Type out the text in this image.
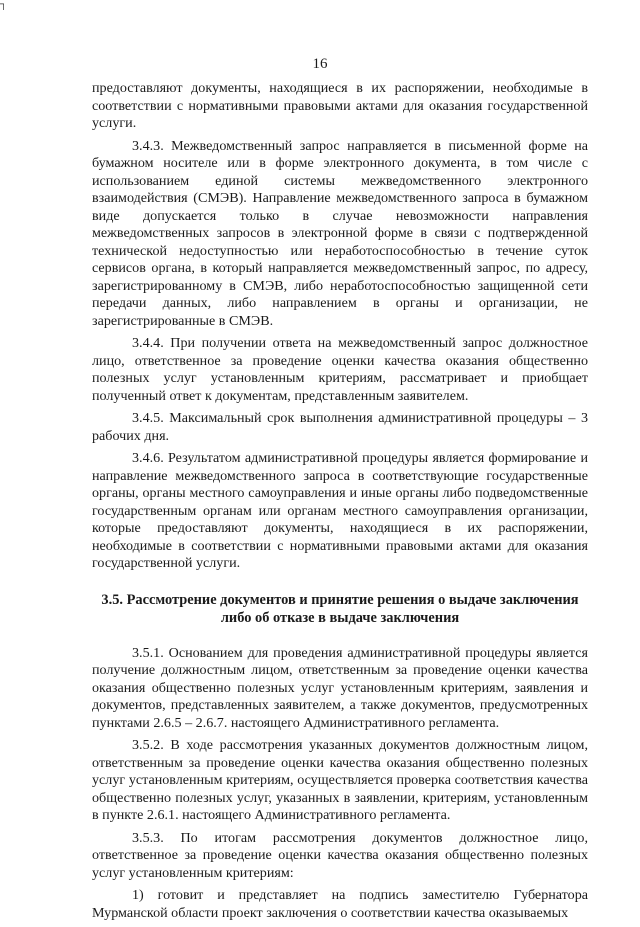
┐
16

предоставляют документы, находящиеся в их распоряжении, необходимые в соответствии с нормативными правовыми актами для оказания государственной услуги.

3.4.3. Межведомственный запрос направляется в письменной форме на бумажном носителе или в форме электронного документа, в том числе с использованием единой системы межведомственного электронного взаимодействия (СМЭВ). Направление межведомственного запроса в бумажном виде допускается только в случае невозможности направления межведомственных запросов в электронной форме в связи с подтвержденной технической недоступностью или неработоспособностью в течение суток сервисов органа, в который направляется межведомственный запрос, по адресу, зарегистрированному в СМЭВ, либо неработоспособностью защищенной сети передачи данных, либо направлением в органы и организации, не зарегистрированные в СМЭВ.

3.4.4. При получении ответа на межведомственный запрос должностное лицо, ответственное за проведение оценки качества оказания общественно полезных услуг установленным критериям, рассматривает и приобщает полученный ответ к документам, представленным заявителем.

3.4.5. Максимальный срок выполнения административной процедуры – 3 рабочих дня.

3.4.6. Результатом административной процедуры является формирование и направление межведомственного запроса в соответствующие государственные органы, органы местного самоуправления и иные органы либо подведомственные государственным органам или органам местного самоуправления организации, которые предоставляют документы, находящиеся в их распоряжении, необходимые в соответствии с нормативными правовыми актами для оказания государственной услуги.

3.5. Рассмотрение документов и принятие решения о выдаче заключения либо об отказе в выдаче заключения

3.5.1. Основанием для проведения административной процедуры является получение должностным лицом, ответственным за проведение оценки качества оказания общественно полезных услуг установленным критериям, заявления и документов, представленных заявителем, а также документов, предусмотренных пунктами 2.6.5 – 2.6.7. настоящего Административного регламента.

3.5.2. В ходе рассмотрения указанных документов должностным лицом, ответственным за проведение оценки качества оказания общественно полезных услуг установленным критериям, осуществляется проверка соответствия качества общественно полезных услуг, указанных в заявлении, критериям, установленным в пункте 2.6.1. настоящего Административного регламента.

3.5.3. По итогам рассмотрения документов должностное лицо, ответственное за проведение оценки качества оказания общественно полезных услуг установленным критериям:

1) готовит и представляет на подпись заместителю Губернатора Мурманской области проект заключения о соответствии качества оказываемых
